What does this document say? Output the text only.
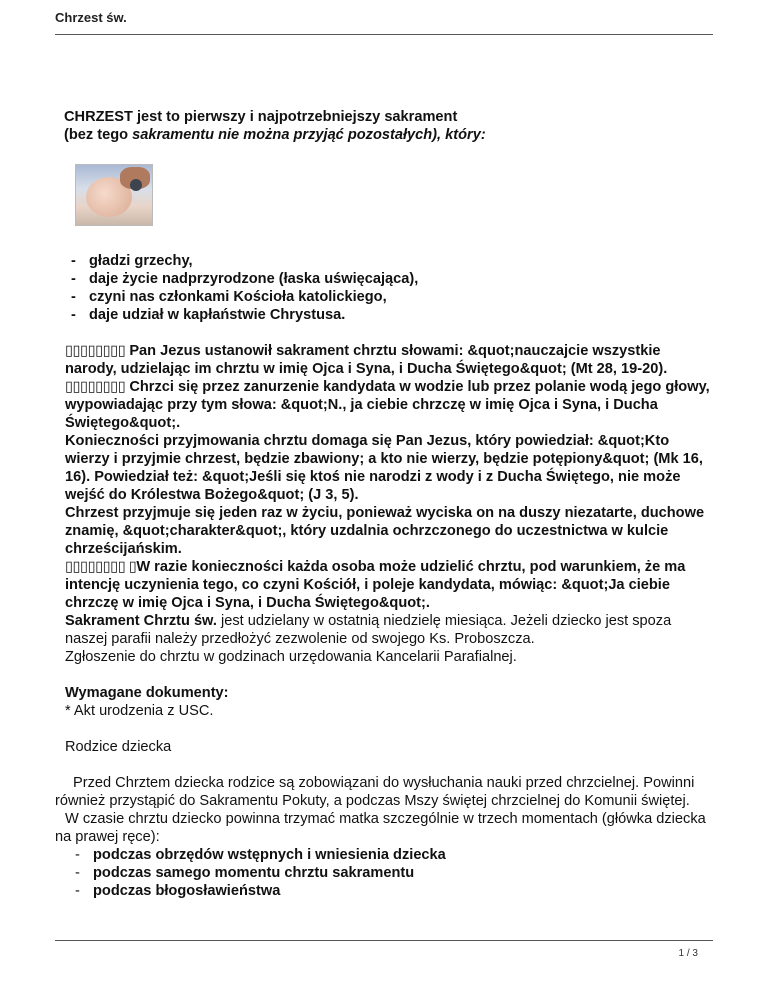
Chrzest św.

CHRZEST jest to pierwszy i najpotrzebniejszy sakrament

(bez tego sakramentu nie można przyjąć pozostałych), który:

- gładzi grzechy,
- daje życie nadprzyrodzone (łaska uświęcająca),
- czyni nas członkami Kościoła katolickiego,
- daje udział w kapłaństwie Chrystusa.

▯▯▯▯▯▯▯▯ Pan Jezus ustanowił sakrament chrztu słowami: &quot;nauczajcie wszystkie narody, udzielając im chrztu w imię Ojca i Syna, i Ducha Świętego&quot; (Mt 28, 19-20).

▯▯▯▯▯▯▯▯ Chrzci się przez zanurzenie kandydata w wodzie lub przez polanie wodą jego głowy, wypowiadając przy tym słowa: &quot;N., ja ciebie chrzczę w imię Ojca i Syna, i Ducha Świętego&quot;.

Konieczności przyjmowania chrztu domaga się Pan Jezus, który powiedział: &quot;Kto wierzy i przyjmie chrzest, będzie zbawiony; a kto nie wierzy, będzie potępiony&quot; (Mk 16, 16). Powiedział też: &quot;Jeśli się ktoś nie narodzi z wody i z Ducha Świętego, nie może wejść do Królestwa Bożego&quot; (J 3, 5).

Chrzest przyjmuje się jeden raz w życiu, ponieważ wyciska on na duszy niezatarte, duchowe znamię, &quot;charakter&quot;, który uzdalnia ochrzczonego do uczestnictwa w kulcie chrześcijańskim.

▯▯▯▯▯▯▯▯ ▯W razie konieczności każda osoba może udzielić chrztu, pod warunkiem, że ma intencję uczynienia tego, co czyni Kościół, i poleje kandydata, mówiąc: &quot;Ja ciebie chrzczę w imię Ojca i Syna, i Ducha Świętego&quot;.

Sakrament Chrztu św. jest udzielany w ostatnią niedzielę miesiąca. Jeżeli dziecko jest spoza naszej parafii należy przedłożyć zezwolenie od swojego Ks. Proboszcza.

Zgłoszenie do chrztu w godzinach urzędowania Kancelarii Parafialnej.

Wymagane dokumenty:

* Akt urodzenia z USC.

Rodzice dziecka

Przed Chrztem dziecka rodzice są zobowiązani do wysłuchania nauki przed chrzcielnej. Powinni również przystąpić do Sakramentu Pokuty, a podczas Mszy świętej chrzcielnej do Komunii świętej.

W czasie chrztu dziecko powinna trzymać matka szczególnie w trzech momentach (główka dziecka na prawej ręce):

- podczas obrzędów wstępnych i wniesienia dziecka
- podczas samego momentu chrztu sakramentu
- podczas błogosławieństwa
1 / 3
